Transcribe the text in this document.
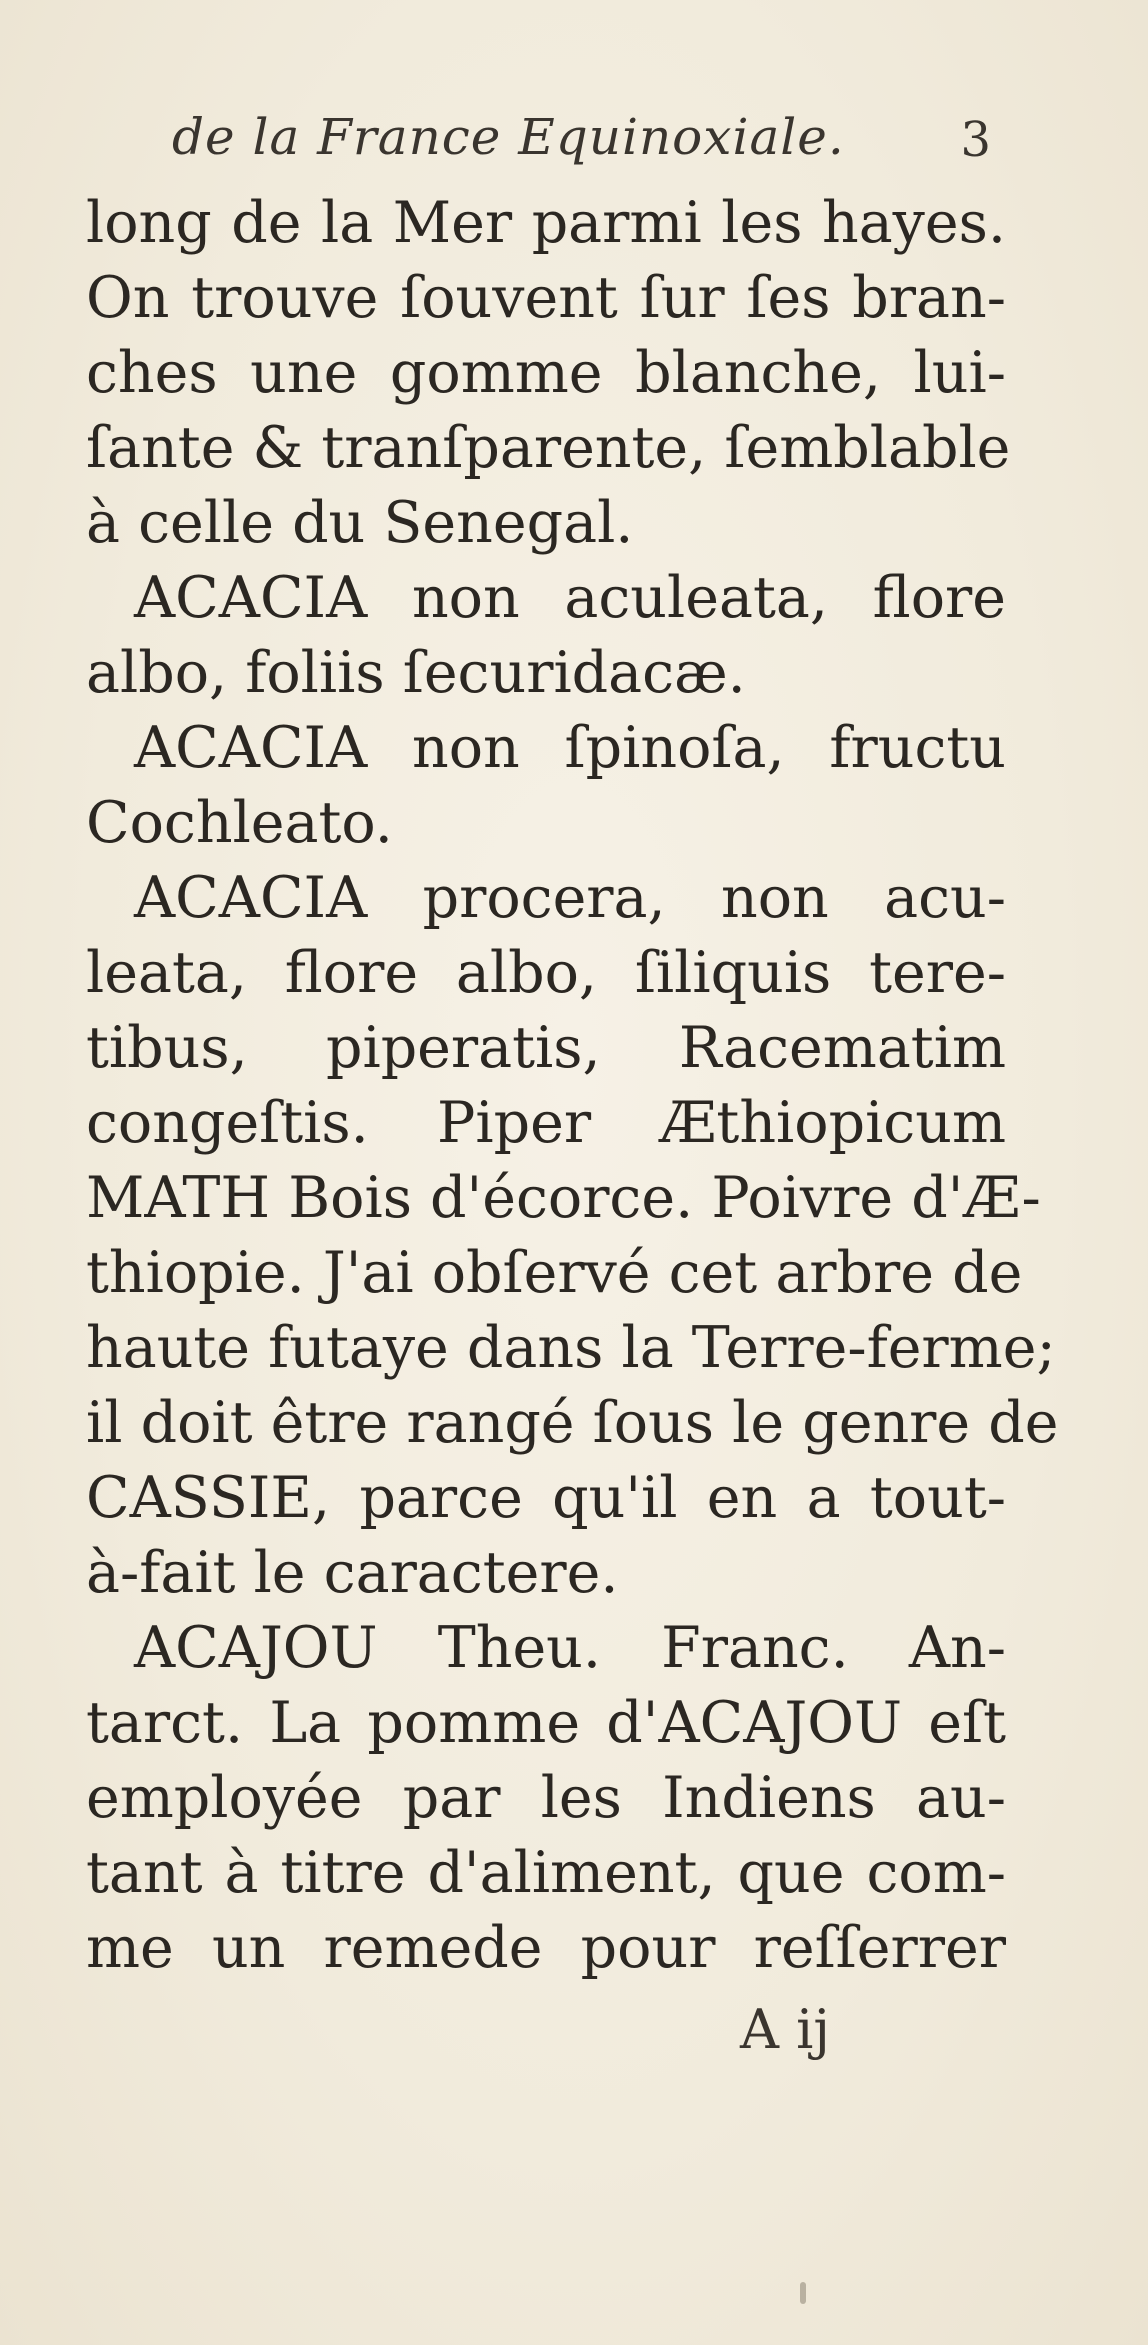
de la France Equinoxiale. 3
long de la Mer parmi les hayes.
On trouve ſouvent ſur ſes bran-
ches une gomme blanche, lui-
ſante & tranſparente, ſemblable
à celle du Senegal.
ACACIA non aculeata, flore
albo, foliis ſecuridacæ.
ACACIA non ſpinoſa, fructu
Cochleato.
ACACIA procera, non acu-
leata, flore albo, ſiliquis tere-
tibus, piperatis, Racematim
congeſtis. Piper Æthiopicum
MATH Bois d'écorce. Poivre d'Æ-
thiopie. J'ai obſervé cet arbre de
haute futaye dans la Terre-ferme;
il doit être rangé ſous le genre de
CASSIE, parce qu'il en a tout-
à-fait le caractere.
ACAJOU Theu. Franc. An-
tarct. La pomme d'ACAJOU eſt
employée par les Indiens au-
tant à titre d'aliment, que com-
me un remede pour reſſerrer
A ij
